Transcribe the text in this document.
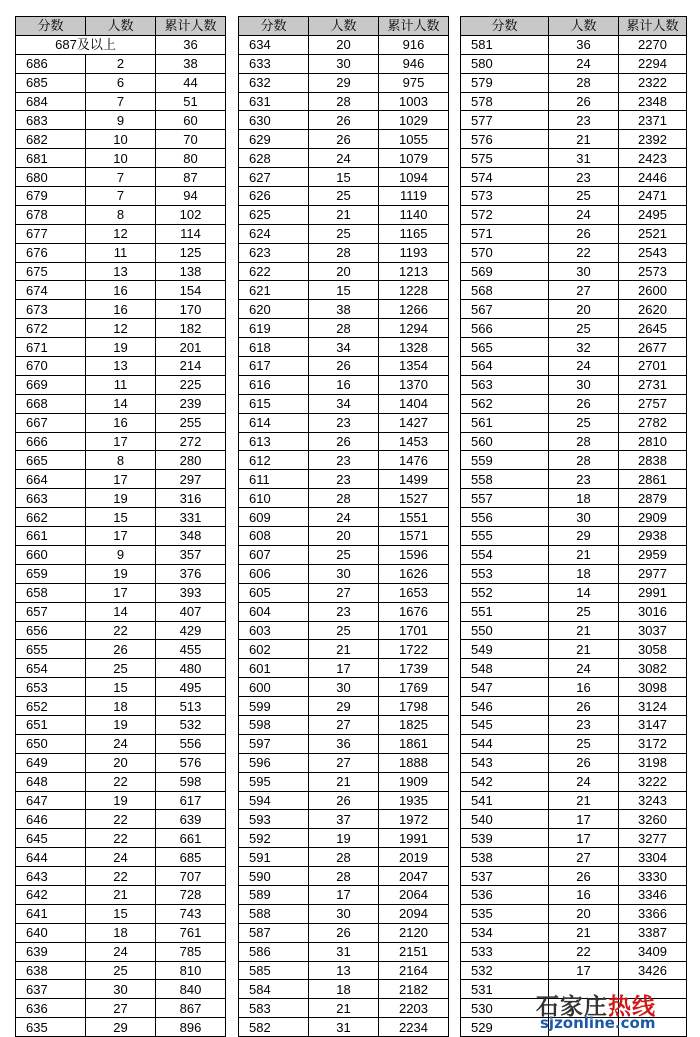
分数	人数	累计人数
687及以上		36
686	2	38
685	6	44
684	7	51
683	9	60
682	10	70
681	10	80
680	7	87
679	7	94
678	8	102
677	12	114
676	11	125
675	13	138
674	16	154
673	16	170
672	12	182
671	19	201
670	13	214
669	11	225
668	14	239
667	16	255
666	17	272
665	8	280
664	17	297
663	19	316
662	15	331
661	17	348
660	9	357
659	19	376
658	17	393
657	14	407
656	22	429
655	26	455
654	25	480
653	15	495
652	18	513
651	19	532
650	24	556
649	20	576
648	22	598
647	19	617
646	22	639
645	22	661
644	24	685
643	22	707
642	21	728
641	15	743
640	18	761
639	24	785
638	25	810
637	30	840
636	27	867
635	29	896
分数	人数	累计人数
634	20	916
633	30	946
632	29	975
631	28	1003
630	26	1029
629	26	1055
628	24	1079
627	15	1094
626	25	1119
625	21	1140
624	25	1165
623	28	1193
622	20	1213
621	15	1228
620	38	1266
619	28	1294
618	34	1328
617	26	1354
616	16	1370
615	34	1404
614	23	1427
613	26	1453
612	23	1476
611	23	1499
610	28	1527
609	24	1551
608	20	1571
607	25	1596
606	30	1626
605	27	1653
604	23	1676
603	25	1701
602	21	1722
601	17	1739
600	30	1769
599	29	1798
598	27	1825
597	36	1861
596	27	1888
595	21	1909
594	26	1935
593	37	1972
592	19	1991
591	28	2019
590	28	2047
589	17	2064
588	30	2094
587	26	2120
586	31	2151
585	13	2164
584	18	2182
583	21	2203
582	31	2234
分数	人数	累计人数
581	36	2270
580	24	2294
579	28	2322
578	26	2348
577	23	2371
576	21	2392
575	31	2423
574	23	2446
573	25	2471
572	24	2495
571	26	2521
570	22	2543
569	30	2573
568	27	2600
567	20	2620
566	25	2645
565	32	2677
564	24	2701
563	30	2731
562	26	2757
561	25	2782
560	28	2810
559	28	2838
558	23	2861
557	18	2879
556	30	2909
555	29	2938
554	21	2959
553	18	2977
552	14	2991
551	25	3016
550	21	3037
549	21	3058
548	24	3082
547	16	3098
546	26	3124
545	23	3147
544	25	3172
543	26	3198
542	24	3222
541	21	3243
540	17	3260
539	17	3277
538	27	3304
537	26	3330
536	16	3346
535	20	3366
534	21	3387
533	22	3409
532	17	3426
531		
530		
529		
石家庄热线
sjzonline.com
